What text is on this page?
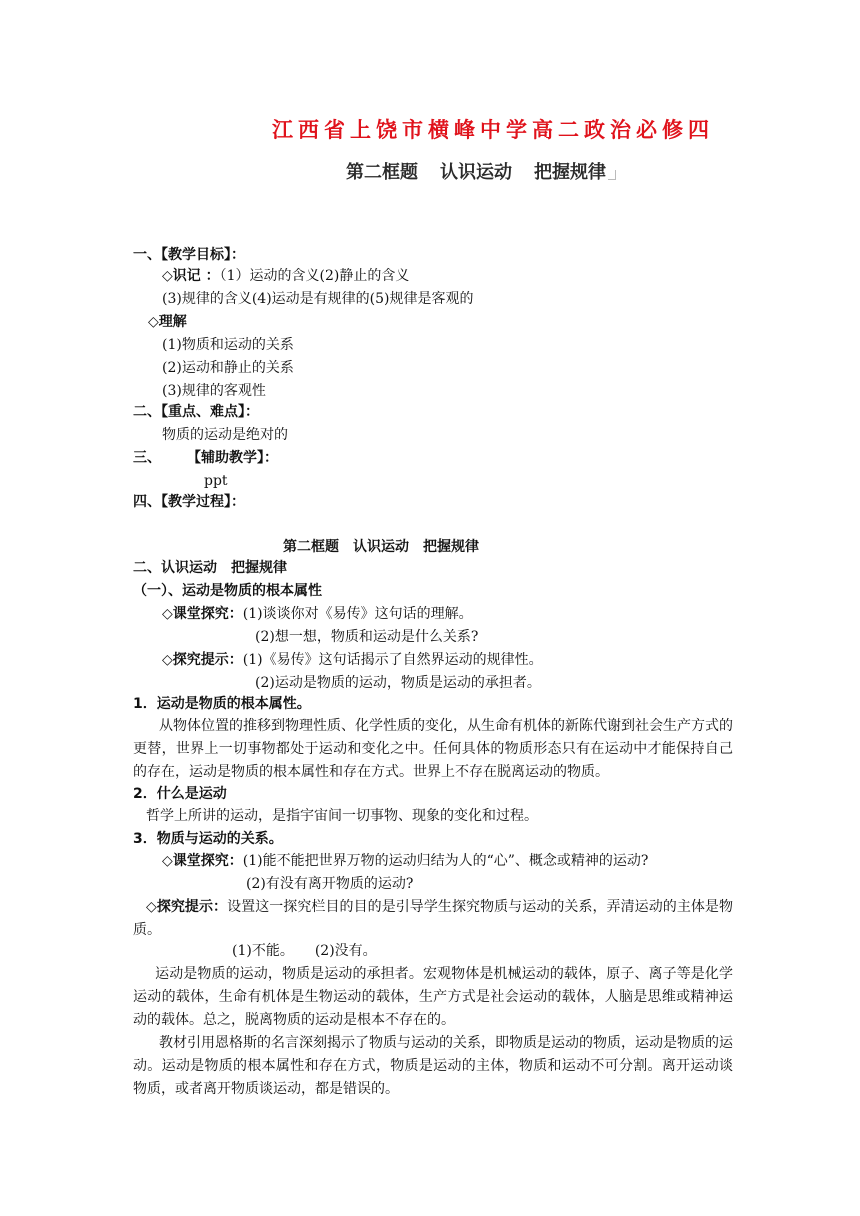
江西省上饶市横峰中学高二政治必修四
第二框题 认识运动 把握规律
一、【教学目标】：
◇识记 ：（1）运动的含义(2)静止的含义
(3)规律的含义(4)运动是有规律的(5)规律是客观的
◇理解
(1)物质和运动的关系
(2)运动和静止的关系
(3)规律的客观性
二、【重点、难点】：
物质的运动是绝对的
三、 【辅助教学】：
ppt
四、【教学过程】：
第二框题　认识运动　把握规律
二、认识运动　把握规律
（一）、运动是物质的根本属性
◇课堂探究：(1)谈谈你对《易传》这句话的理解。
(2)想一想，物质和运动是什么关系?
◇探究提示：(1)《易传》这句话揭示了自然界运动的规律性。
(2)运动是物质的运动，物质是运动的承担者。
1．运动是物质的根本属性。
从物体位置的推移到物理性质、化学性质的变化，从生命有机体的新陈代谢到社会生产方式的更替，世界上一切事物都处于运动和变化之中。任何具体的物质形态只有在运动中才能保持自己的存在，运动是物质的根本属性和存在方式。世界上不存在脱离运动的物质。
2．什么是运动
哲学上所讲的运动，是指宇宙间一切事物、现象的变化和过程。
3．物质与运动的关系。
◇课堂探究：(1)能不能把世界万物的运动归结为人的“心”、概念或精神的运动?
(2)有没有离开物质的运动?
◇探究提示：设置这一探究栏目的目的是引导学生探究物质与运动的关系，弄清运动的主体是物质。
(1)不能。　　(2)没有。
运动是物质的运动，物质是运动的承担者。宏观物体是机械运动的载体，原子、离子等是化学运动的载体，生命有机体是生物运动的载体，生产方式是社会运动的载体，人脑是思维或精神运动的载体。总之，脱离物质的运动是根本不存在的。
教材引用恩格斯的名言深刻揭示了物质与运动的关系，即物质是运动的物质，运动是物质的运动。运动是物质的根本属性和存在方式，物质是运动的主体，物质和运动不可分割。离开运动谈物质，或者离开物质谈运动，都是错误的。
